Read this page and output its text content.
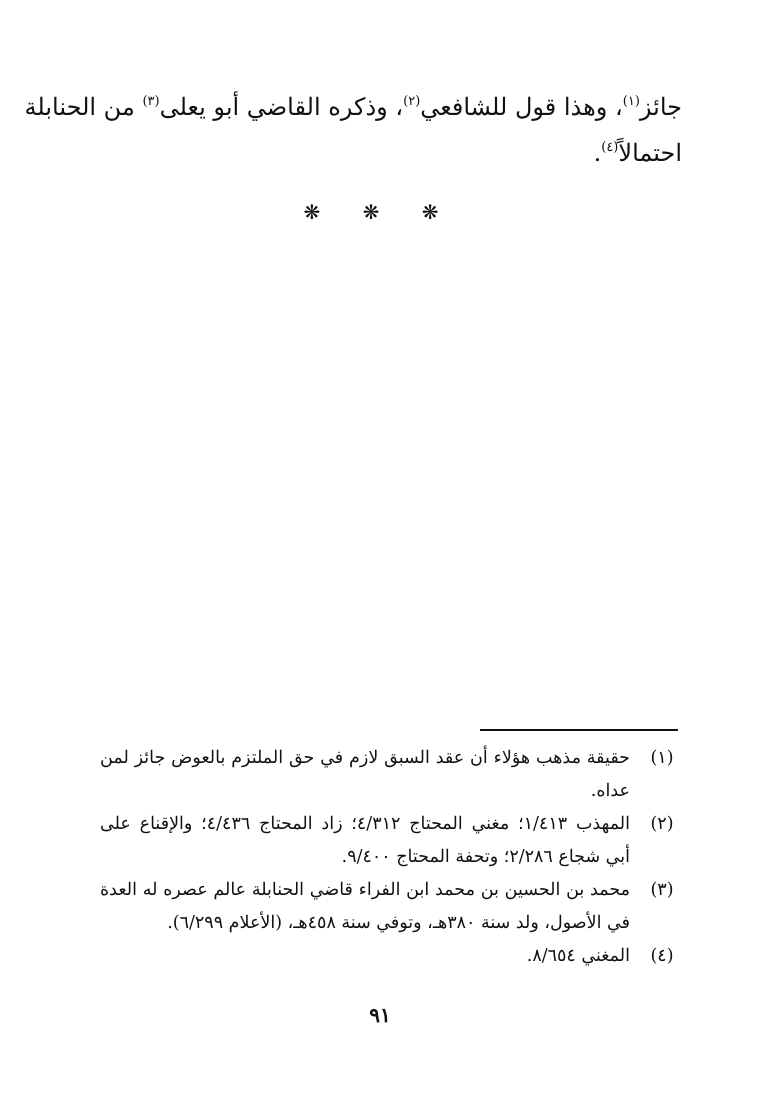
جائز$^{(١)}$، وهذا قول للشافعي$^{(٢)}$، وذكره القاضي أبو يعلى$^{(٣)}$ من الحنابلة
احتمالاً$^{(٤)}$.
❋ ❋ ❋

(١)
حقيقة مذهب هؤلاء أن عقد السبق لازم في حق الملتزم بالعوض جائز لمن عداه.

(٢)
المهذب ١/٤١٣؛ مغني المحتاج ٤/٣١٢؛ زاد المحتاج ٤/٤٣٦؛ والإقناع على أبي شجاع ٢/٢٨٦؛ وتحفة المحتاج ٩/٤٠٠.

(٣)
محمد بن الحسين بن محمد ابن الفراء قاضي الحنابلة عالم عصره له العدة في الأصول، ولد سنة ٣٨٠هـ، وتوفي سنة ٤٥٨هـ، (الأعلام ٦/٢٩٩).

(٤)
المغني ٨/٦٥٤.

٩١
